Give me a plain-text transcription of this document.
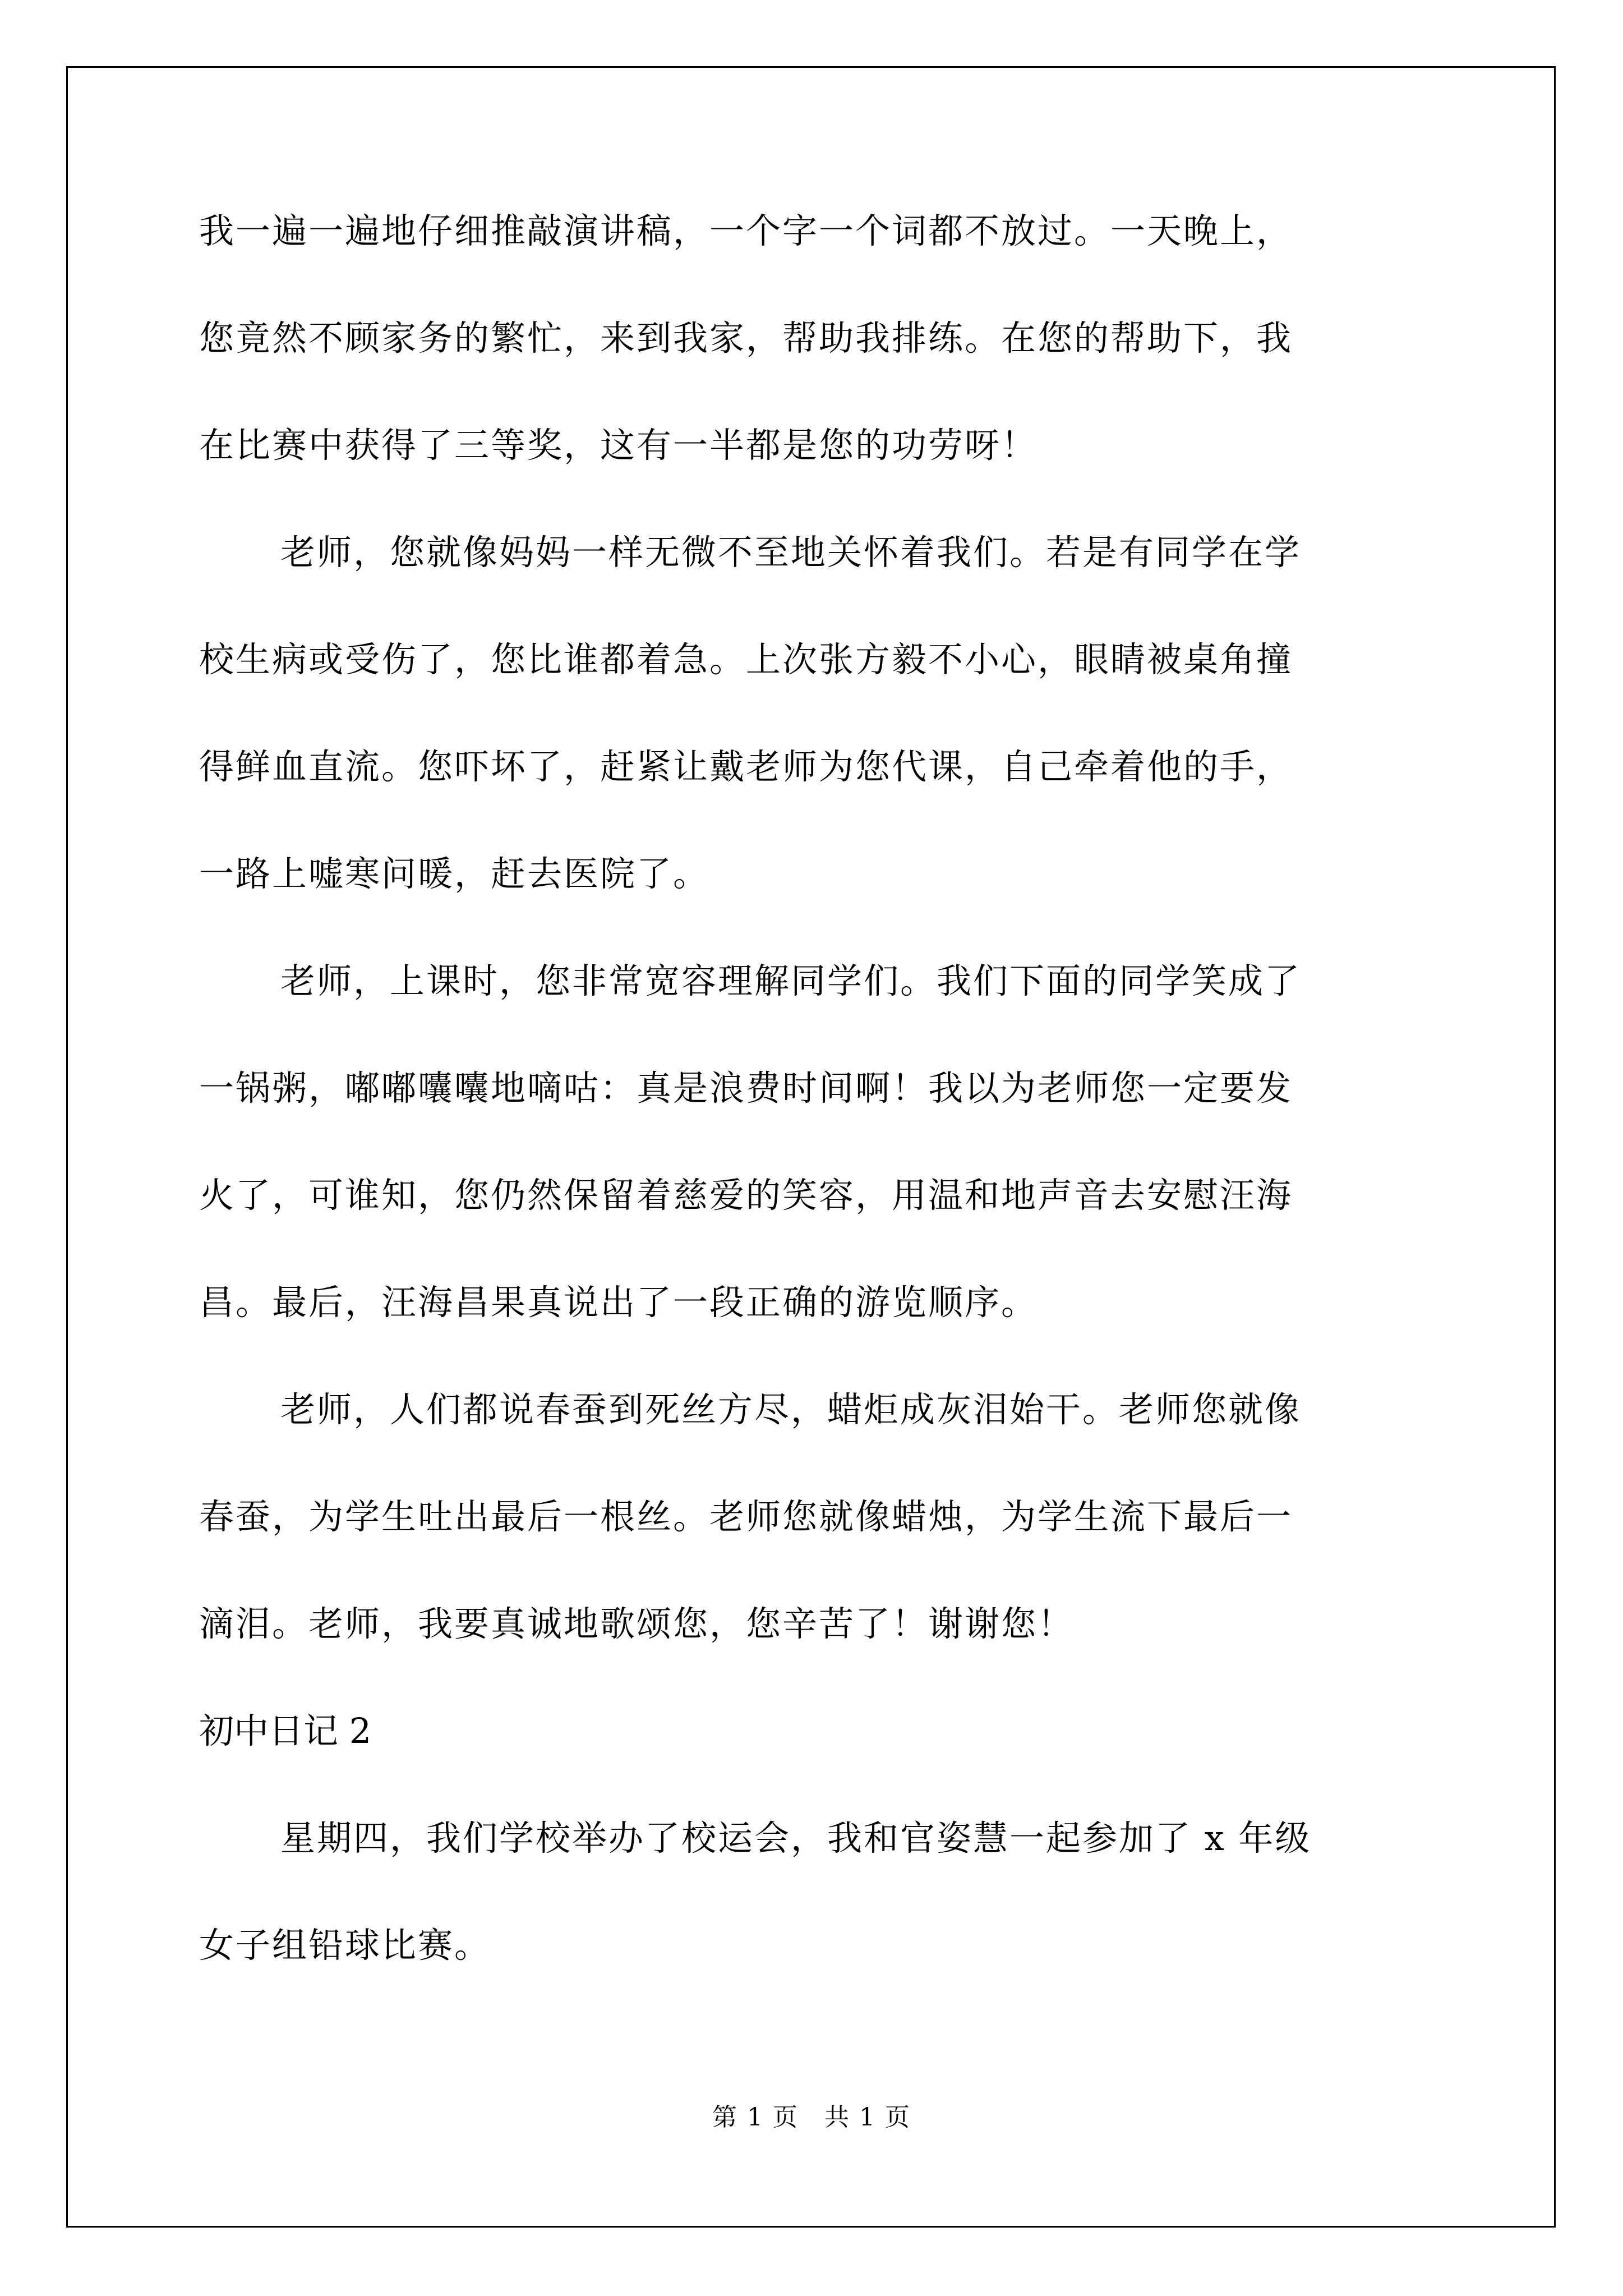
我一遍一遍地仔细推敲演讲稿，一个字一个词都不放过。一天晚上，
您竟然不顾家务的繁忙，来到我家，帮助我排练。在您的帮助下，我
在比赛中获得了三等奖，这有一半都是您的功劳呀！
老师，您就像妈妈一样无微不至地关怀着我们。若是有同学在学
校生病或受伤了，您比谁都着急。上次张方毅不小心，眼睛被桌角撞
得鲜血直流。您吓坏了，赶紧让戴老师为您代课，自己牵着他的手，
一路上嘘寒问暖，赶去医院了。
老师，上课时，您非常宽容理解同学们。我们下面的同学笑成了
一锅粥，嘟嘟囔囔地嘀咕：真是浪费时间啊！我以为老师您一定要发
火了，可谁知，您仍然保留着慈爱的笑容，用温和地声音去安慰汪海
昌。最后，汪海昌果真说出了一段正确的游览顺序。
老师，人们都说春蚕到死丝方尽，蜡炬成灰泪始干。老师您就像
春蚕，为学生吐出最后一根丝。老师您就像蜡烛，为学生流下最后一
滴泪。老师，我要真诚地歌颂您，您辛苦了！谢谢您！
初中日记 2
星期四，我们学校举办了校运会，我和官姿慧一起参加了 x 年级
女子组铅球比赛。
第 1 页　共 1 页
